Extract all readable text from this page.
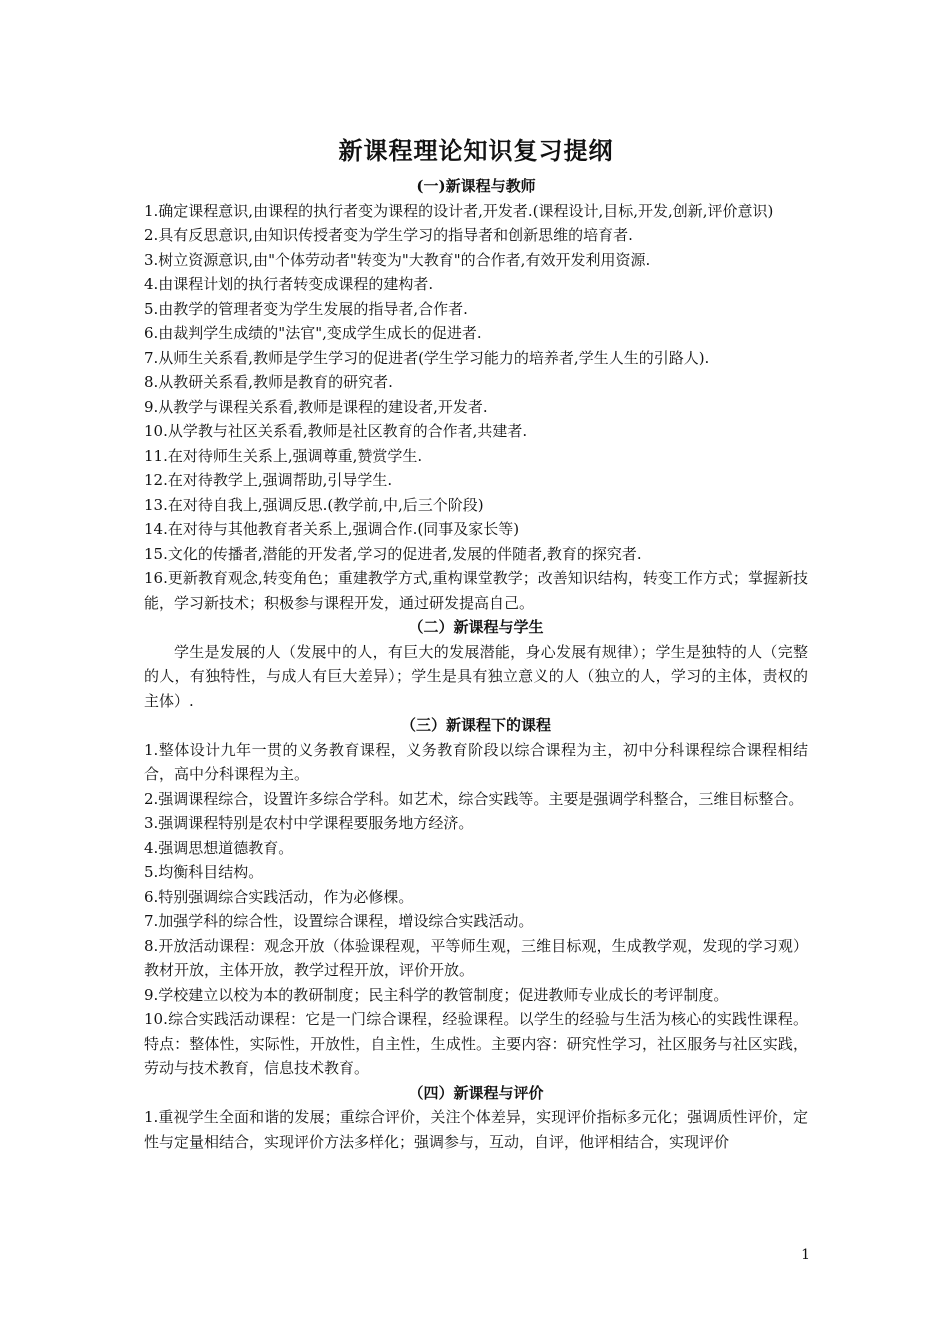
新课程理论知识复习提纲
(一)新课程与教师

1.确定课程意识,由课程的执行者变为课程的设计者,开发者.(课程设计,目标,开发,创新,评价意识)

2.具有反思意识,由知识传授者变为学生学习的指导者和创新思维的培育者.

3.树立资源意识,由"个体劳动者"转变为"大教育"的合作者,有效开发利用资源.

4.由课程计划的执行者转变成课程的建构者.

5.由教学的管理者变为学生发展的指导者,合作者.

6.由裁判学生成绩的"法官",变成学生成长的促进者.

7.从师生关系看,教师是学生学习的促进者(学生学习能力的培养者,学生人生的引路人).

8.从教研关系看,教师是教育的研究者.

9.从教学与课程关系看,教师是课程的建设者,开发者.

10.从学教与社区关系看,教师是社区教育的合作者,共建者.

11.在对待师生关系上,强调尊重,赞赏学生.

12.在对待教学上,强调帮助,引导学生.

13.在对待自我上,强调反思.(教学前,中,后三个阶段)

14.在对待与其他教育者关系上,强调合作.(同事及家长等)

15.文化的传播者,潜能的开发者,学习的促进者,发展的伴随者,教育的探究者.

16.更新教育观念,转变角色；重建教学方式,重构课堂教学；改善知识结构，转变工作方式；掌握新技能，学习新技术；积极参与课程开发，通过研发提高自己。

（二）新课程与学生

学生是发展的人（发展中的人，有巨大的发展潜能，身心发展有规律）；学生是独特的人（完整的人，有独特性，与成人有巨大差异）；学生是具有独立意义的人（独立的人，学习的主体，责权的主体）.

（三）新课程下的课程

1.整体设计九年一贯的义务教育课程，义务教育阶段以综合课程为主，初中分科课程综合课程相结合，高中分科课程为主。

2.强调课程综合，设置许多综合学科。如艺术，综合实践等。主要是强调学科整合，三维目标整合。

3.强调课程特别是农村中学课程要服务地方经济。

4.强调思想道德教育。

5.均衡科目结构。

6.特别强调综合实践活动，作为必修棵。

7.加强学科的综合性，设置综合课程，增设综合实践活动。

8.开放活动课程：观念开放（体验课程观，平等师生观，三维目标观，生成教学观，发现的学习观）教材开放，主体开放，教学过程开放，评价开放。

9.学校建立以校为本的教研制度；民主科学的教管制度；促进教师专业成长的考评制度。

10.综合实践活动课程：它是一门综合课程，经验课程。以学生的经验与生活为核心的实践性课程。特点：整体性，实际性，开放性，自主性，生成性。主要内容：研究性学习，社区服务与社区实践，劳动与技术教育，信息技术教育。

（四）新课程与评价

1.重视学生全面和谐的发展；重综合评价，关注个体差异，实现评价指标多元化；强调质性评价，定性与定量相结合，实现评价方法多样化；强调参与，互动，自评，他评相结合，实现评价

1
